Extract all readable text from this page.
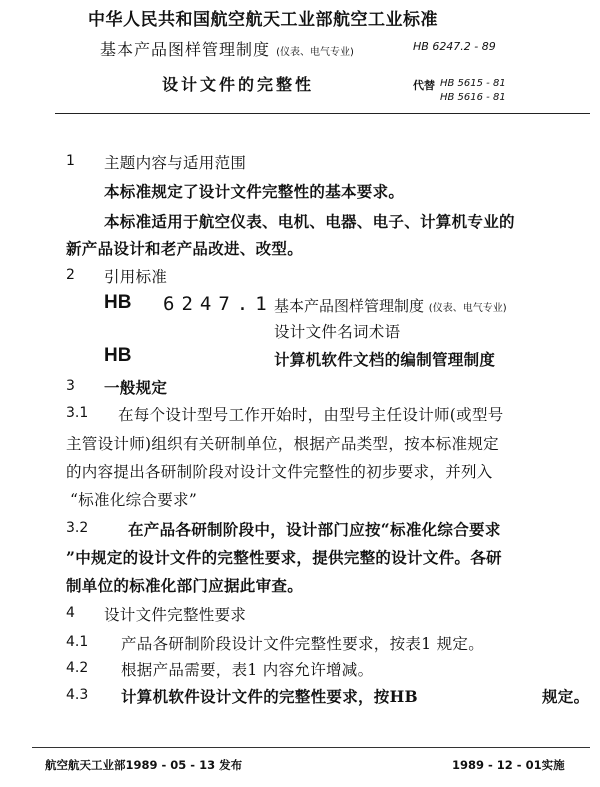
中华人民共和国航空航天工业部航空工业标准
基本产品图样管理制度 (仪表、电气专业)	HB 6247.2 - 89
设计文件的完整性	代替 HB 5615 - 81
HB 5616 - 81
1 主题内容与适用范围
本标准规定了设计文件完整性的基本要求。
本标准适用于航空仪表、电机、电器、电子、计算机专业的
新产品设计和老产品改进、改型。
2 引用标准
HB 6247.1 基本产品图样管理制度 (仪表、电气专业)
设计文件名词术语
HB	计算机软件文档的编制管理制度
3 一般规定
3.1 在每个设计型号工作开始时，由型号主任设计师(或型号
主管设计师)组织有关研制单位，根据产品类型，按本标准规定
的内容提出各研制阶段对设计文件完整性的初步要求，并列入
“标准化综合要求”
3.2	在产品各研制阶段中，设计部门应按“标准化综合要求
”中规定的设计文件的完整性要求，提供完整的设计文件。各研
制单位的标准化部门应据此审查。
4 设计文件完整性要求
4.1 产品各研制阶段设计文件完整性要求，按表1 规定。
4.2 根据产品需要，表1 内容允许增减。
4.3 计算机软件设计文件的完整性要求，按HB	规定。
航空航天工业部1989 - 05 - 13 发布	1989 - 12 - 01实施
